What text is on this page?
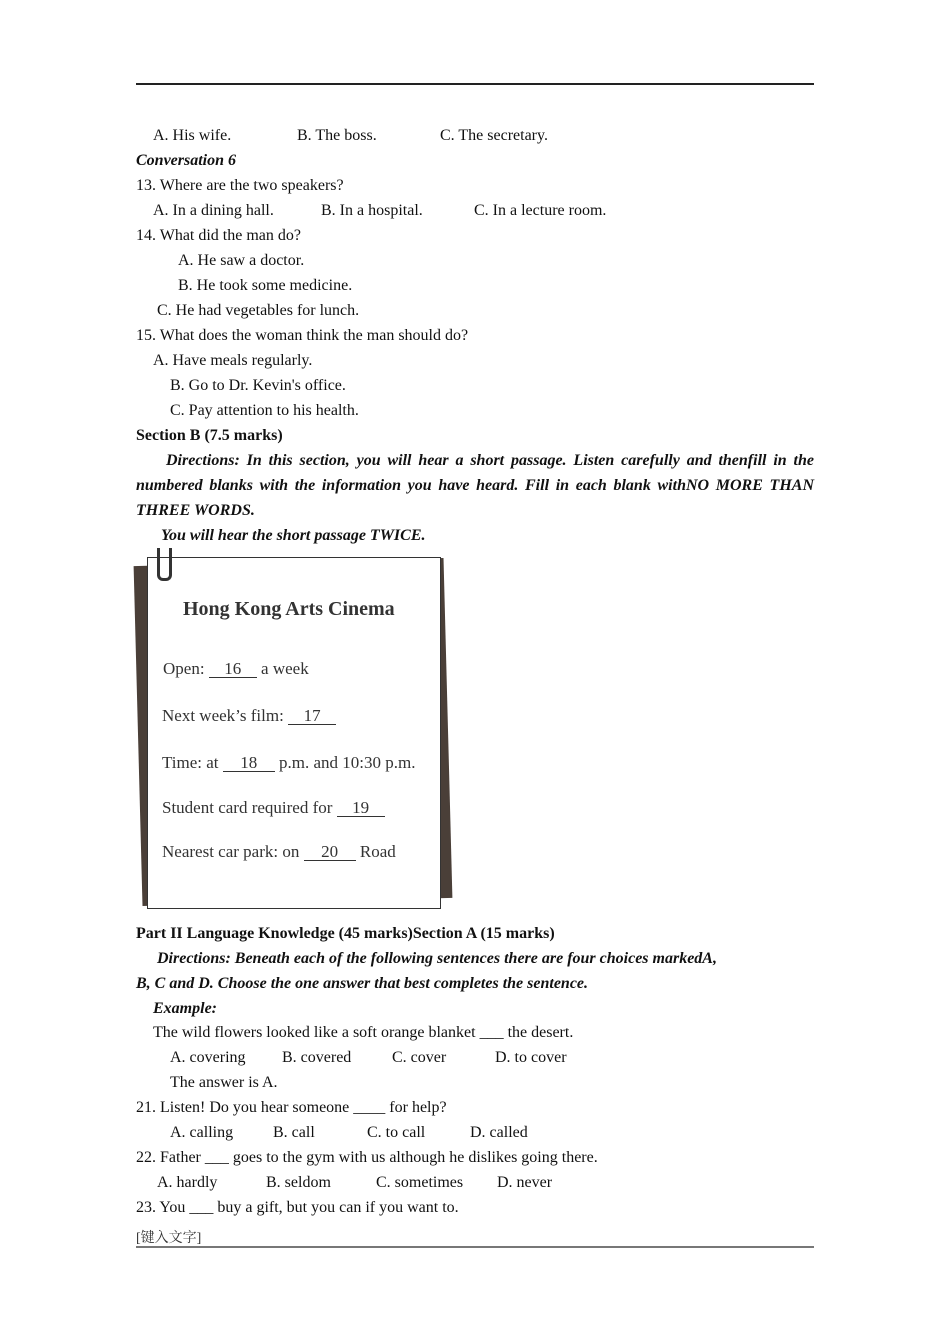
A. His wife.	B. The boss.	C. The secretary.
Conversation 6
13. Where are the two speakers?
A. In a dining hall.	B. In a hospital.	C. In a lecture room.
14. What did the man do?
A. He saw a doctor.
B. He took some medicine.
C. He had vegetables for lunch.
15. What does the woman think the man should do?
A. Have meals regularly.
B. Go to Dr. Kevin's office.
C. Pay attention to his health.
Section B (7.5 marks)
Directions: In this section, you will hear a short passage. Listen carefully and thenfill in the
numbered blanks with the information you have heard. Fill in each blank withNO MORE THAN
THREE WORDS.
You will hear the short passage TWICE.
Hong Kong Arts Cinema
Open: 16 a week
Next week’s film: 17
Time: at 18 p.m. and 10:30 p.m.
Student card required for 19
Nearest car park: on 20 Road
Part II Language Knowledge (45 marks)Section A (15 marks)
Directions: Beneath each of the following sentences there are four choices markedA,
B, C and D. Choose the one answer that best completes the sentence.
Example:
The wild flowers looked like a soft orange blanket ___ the desert.
A. covering B. covered	C. cover	D. to cover
The answer is A.
21. Listen! Do you hear someone ____ for help?
A. calling B. call	C. to call	D. called
22. Father ___ goes to the gym with us although he dislikes going there.
A. hardly	B. seldom	C. sometimes D. never
23. You ___ buy a gift, but you can if you want to.
[键入文字]
